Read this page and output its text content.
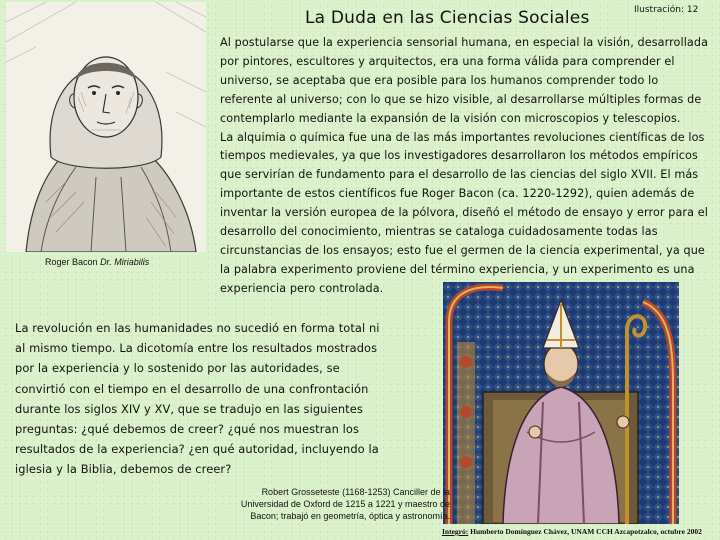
La Duda en las Ciencias Sociales	Ilustración: 12
Roger Bacon Dr. Miriabilis

Al postularse que la experiencia sensorial humana, en especial la visión, desarrollada por pintores, escultores y arquitectos, era una forma válida para comprender el universo, se aceptaba que era posible para los humanos comprender todo lo referente al universo; con lo que se hizo visible, al desarrollarse múltiples formas de contemplarlo mediante la expansión de la visión con microscopios y telescopios.

La alquimia o química fue una de las más importantes revoluciones científicas de los tiempos medievales, ya que los investigadores desarrollaron los métodos empíricos que servirían de fundamento para el desarrollo de las ciencias del siglo XVII. El más importante de estos científicos fue Roger Bacon (ca. 1220-1292), quien además de inventar la versión europea de la pólvora, diseñó el método de ensayo y error para el desarrollo del conocimiento, mientras se cataloga cuidadosamente todas las circunstancias de los ensayos; esto fue el germen de la ciencia experimental, ya que la palabra experimento proviene del término experiencia, y un experimento es una experiencia pero controlada.

La revolución en las humanidades no sucedió en forma total ni al mismo tiempo. La dicotomía entre los resultados mostrados por la experiencia y lo sostenido por las autoridades, se convirtió con el tiempo en el desarrollo de una confrontación durante los siglos XIV y XV, que se tradujo en las siguientes preguntas: ¿qué debemos de creer? ¿qué nos muestran los resultados de la experiencia? ¿en qué autoridad, incluyendo la iglesia y la Biblia, debemos de creer?
Robert Grosseteste (1168-1253) Canciller de la
Universidad de Oxford de 1215 a 1221 y maestro de
Bacon; trabajó en geometría, óptica y astronomía.
Integró: Humberto Domínguez Chávez, UNAM CCH Azcapotzalco, octubre 2002
